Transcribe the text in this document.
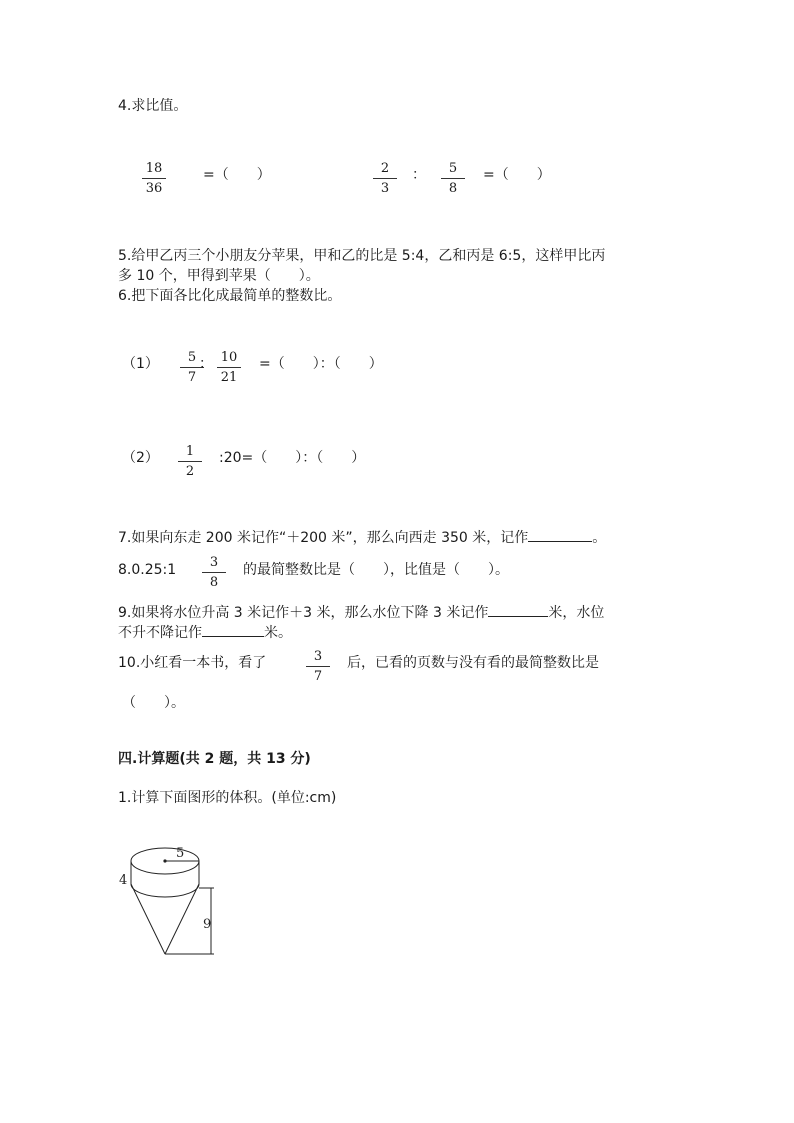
4.求比值。
18
36
=（　　）	2
3
：	5
8
=（　　）
5.给甲乙丙三个小朋友分苹果，甲和乙的比是 5:4，乙和丙是 6:5，这样甲比丙
多 10 个，甲得到苹果（　　）。
6.把下面各比化成最简单的整数比。
（1）	5
7
： 10
21
=（　　）：（　　）
（2）	1
2
:20=（　　）：（　　）
7.如果向东走 200 米记作“＋200 米”，那么向西走 350 米，记作	。
8.0.25:1	3
8
的最简整数比是（　　），比值是（　　）。
9.如果将水位升高 3 米记作＋3 米，那么水位下降 3 米记作	米，水位
不升不降记作	米。
10.小红看一本书，看了	3
7
后，已看的页数与没有看的最简整数比是
（　　）。
四.计算题(共 2 题，共 13 分)
1.计算下面图形的体积。(单位:cm)
5
4
9
